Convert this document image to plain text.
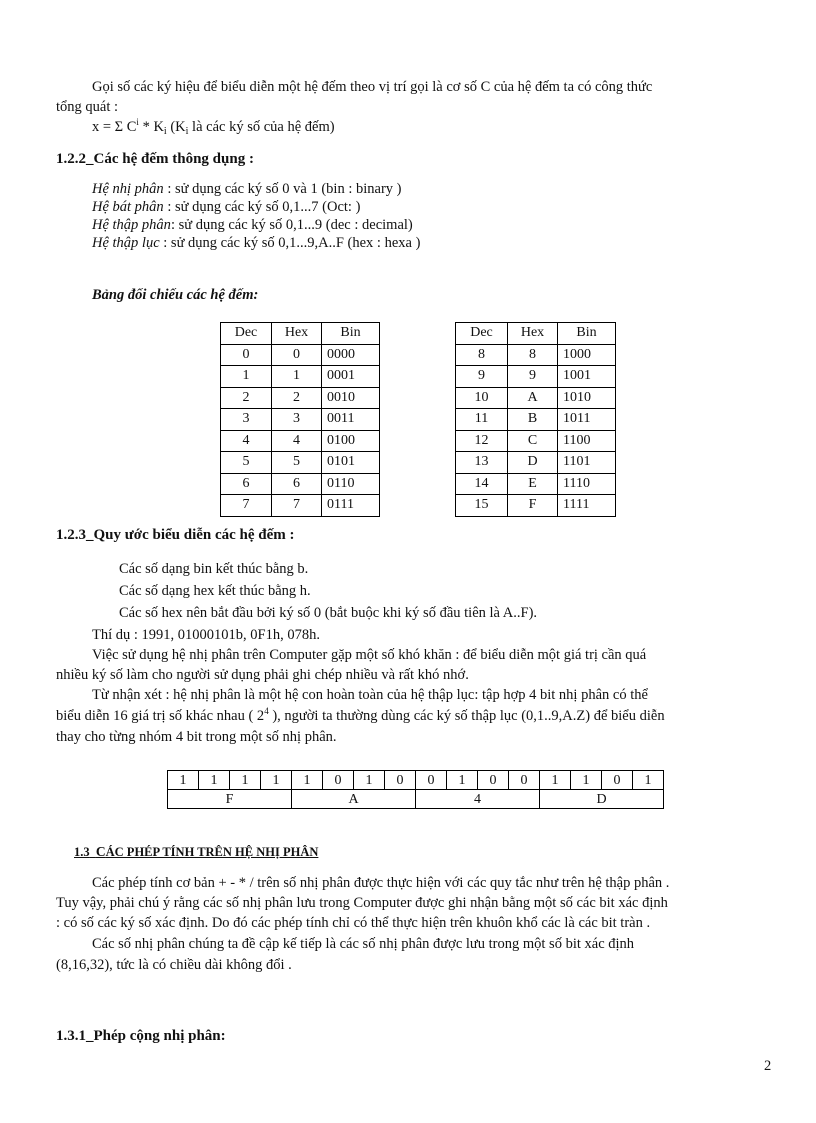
Gọi số các ký hiệu để biểu diễn một hệ đếm theo vị trí gọi là cơ số C của hệ đếm ta có công thức

tổng quát :

x = Σ $C^i * K_i$ ($K_i$ là các ký số của hệ đếm)

1.2.2_Các hệ đếm thông dụng :

Hệ nhị phân : sử dụng các ký số 0 và 1 (bin : binary )

Hệ bát phân : sử dụng các ký số 0,1...7 (Oct: )

Hệ thập phân: sử dụng các ký số 0,1...9 (dec : decimal)

Hệ thập lục : sử dụng các ký số 0,1...9,A..F (hex : hexa )

Bảng đối chiếu các hệ đếm:

Dec	Hex	Bin
0	0	0000
1	1	0001
2	2	0010
3	3	0011
4	4	0100
5	5	0101
6	6	0110
7	7	0111
Dec	Hex	Bin
8	8	1000
9	9	1001
10	A	1010
11	B	1011
12	C	1100
13	D	1101
14	E	1110
15	F	1111

1.2.3_Quy ước biểu diễn các hệ đếm :

Các số dạng bin kết thúc bằng b.

Các số dạng hex kết thúc bằng h.

Các số hex nên bắt đầu bởi ký số 0 (bắt buộc khi ký số đầu tiên là A..F).

Thí dụ : 1991, 01000101b, 0F1h, 078h.

Việc sử dụng hệ nhị phân trên Computer gặp một số khó khăn : để biểu diễn một giá trị cần quá

nhiều ký số làm cho người sử dụng phải ghi chép nhiều và rất khó nhớ.

Từ nhận xét : hệ nhị phân là một hệ con hoàn toàn của hệ thập lục: tập hợp 4 bit nhị phân có thể

biểu diễn 16 giá trị số khác nhau ( $2^4$ ), người ta thường dùng các ký số thập lục (0,1..9,A.Z) để biểu diễn

thay cho từng nhóm 4 bit trong một số nhị phân.

1	1	1	1	1	0	1	0	0	1	0	0	1	1	0	1
F				A				4				D			

1.3 CÁC PHÉP TÍNH TRÊN HỆ NHỊ PHÂN

Các phép tính cơ bản + - * / trên số nhị phân được thực hiện với các quy tắc như trên hệ thập phân .

Tuy vậy, phải chú ý rằng các số nhị phân lưu trong Computer được ghi nhận bằng một số các bit xác định

: có số các ký số xác định. Do đó các phép tính chỉ có thể thực hiện trên khuôn khổ các là các bit tràn .

Các số nhị phân chúng ta đề cập kế tiếp là các số nhị phân được lưu trong một số bit xác định

(8,16,32), tức là có chiều dài không đổi .

1.3.1_Phép cộng nhị phân:

2
